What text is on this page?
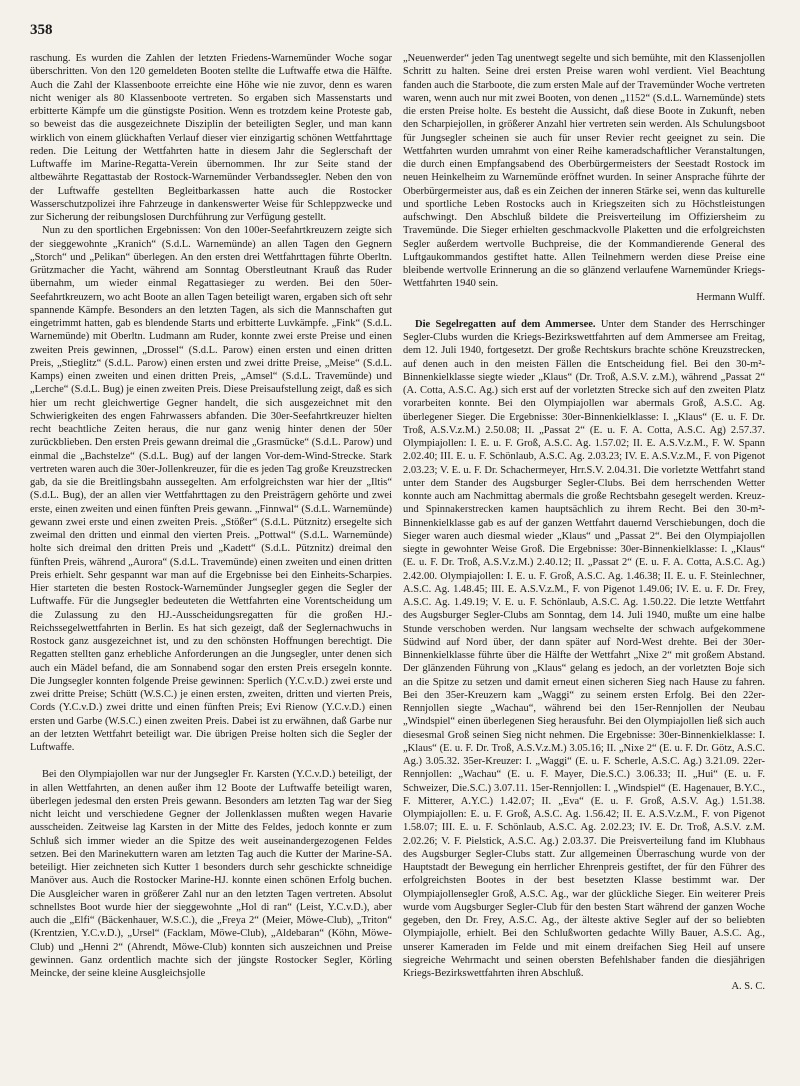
358

raschung. Es wurden die Zahlen der letzten Friedens-Warnemünder Woche sogar überschritten. Von den 120 gemeldeten Booten stellte die Luftwaffe etwa die Hälfte. Auch die Zahl der Klassenboote erreichte eine Höhe wie nie zuvor, denn es waren nicht weniger als 80 Klassenboote vertreten. So ergaben sich Massenstarts und erbitterte Kämpfe um die günstigste Position. Wenn es trotzdem keine Proteste gab, so beweist das die ausgezeichnete Disziplin der beteiligten Segler, und man kann wirklich von einem glückhaften Verlauf dieser vier einzigartig schönen Wettfahrttage reden. Die Leitung der Wettfahrten hatte in diesem Jahr die Seglerschaft der Luftwaffe im Marine-Regatta-Verein übernommen. Ihr zur Seite stand der altbewährte Regattastab der Rostock-Warnemünder Verbandssegler. Neben den von der Luftwaffe gestellten Begleitbarkassen hatte auch die Rostocker Wasserschutzpolizei ihre Fahrzeuge in dankenswerter Weise für Schleppzwecke und zur Sicherung der reibungslosen Durchführung zur Verfügung gestellt.

Nun zu den sportlichen Ergebnissen: Von den 100er-Seefahrtkreuzern zeigte sich der sieggewohnte „Kranich“ (S.d.L. Warnemünde) an allen Tagen den Gegnern „Storch“ und „Pelikan“ überlegen. An den ersten drei Wettfahrttagen führte Oberltn. Grützmacher die Yacht, während am Sonntag Oberstleutnant Krauß das Ruder übernahm, um wieder einmal Regattasieger zu werden. Bei den 50er-Seefahrtkreuzern, wo acht Boote an allen Tagen beteiligt waren, ergaben sich oft sehr spannende Kämpfe. Besonders an den letzten Tagen, als sich die Mannschaften gut eingetrimmt hatten, gab es blendende Starts und erbitterte Luvkämpfe. „Fink“ (S.d.L. Warnemünde) mit Oberltn. Ludmann am Ruder, konnte zwei erste Preise und einen zweiten Preis gewinnen, „Drossel“ (S.d.L. Parow) einen ersten und einen dritten Preis, „Stieglitz“ (S.d.L. Parow) einen ersten und zwei dritte Preise, „Meise“ (S.d.L. Kamps) einen zweiten und einen dritten Preis, „Amsel“ (S.d.L. Travemünde) und „Lerche“ (S.d.L. Bug) je einen zweiten Preis. Diese Preisaufstellung zeigt, daß es sich hier um recht gleichwertige Gegner handelt, die sich ausgezeichnet mit den Schwierigkeiten des engen Fahrwassers abfanden. Die 30er-Seefahrtkreuzer hielten recht beachtliche Zeiten heraus, die nur ganz wenig hinter denen der 50er zurückblieben. Den ersten Preis gewann dreimal die „Grasmücke“ (S.d.L. Parow) und einmal die „Bachstelze“ (S.d.L. Bug) auf der langen Vor-dem-Wind-Strecke. Stark vertreten waren auch die 30er-Jollenkreuzer, für die es jeden Tag große Kreuzstrecken gab, da sie die Breitlingsbahn aussegelten. Am erfolgreichsten war hier der „Iltis“ (S.d.L. Bug), der an allen vier Wettfahrttagen zu den Preisträgern gehörte und zwei erste, einen zweiten und einen fünften Preis gewann. „Finnwal“ (S.d.L. Warnemünde) gewann zwei erste und einen zweiten Preis. „Stößer“ (S.d.L. Pütznitz) ersegelte sich zweimal den dritten und einmal den vierten Preis. „Pottwal“ (S.d.L. Warnemünde) holte sich dreimal den dritten Preis und „Kadett“ (S.d.L. Pütznitz) dreimal den fünften Preis, während „Aurora“ (S.d.L. Travemünde) einen zweiten und einen dritten Preis erhielt. Sehr gespannt war man auf die Ergebnisse bei den Einheits-Scharpies. Hier starteten die besten Rostock-Warnemünder Jungsegler gegen die Segler der Luftwaffe. Für die Jungsegler bedeuteten die Wettfahrten eine Vorentscheidung um die Zulassung zu den HJ.-Ausscheidungsregatten für die großen HJ.-Reichssegelwettfahrten in Berlin. Es hat sich gezeigt, daß der Seglernachwuchs in Rostock ganz ausgezeichnet ist, und zu den schönsten Hoffnungen berechtigt. Die Regatten stellten ganz erhebliche Anforderungen an die Jungsegler, unter denen sich auch ein Mädel befand, die am Sonnabend sogar den ersten Preis ersegeln konnte. Die Jungsegler konnten folgende Preise gewinnen: Sperlich (Y.C.v.D.) zwei erste und zwei dritte Preise; Schütt (W.S.C.) je einen ersten, zweiten, dritten und vierten Preis, Cords (Y.C.v.D.) zwei dritte und einen fünften Preis; Evi Rienow (Y.C.v.D.) einen ersten und Garbe (W.S.C.) einen zweiten Preis. Dabei ist zu erwähnen, daß Garbe nur an der letzten Wettfahrt beteiligt war. Die übrigen Preise holten sich die Segler der Luftwaffe.

Bei den Olympiajollen war nur der Jungsegler Fr. Karsten (Y.C.v.D.) beteiligt, der in allen Wettfahrten, an denen außer ihm 12 Boote der Luftwaffe beteiligt waren, überlegen jedesmal den ersten Preis gewann. Besonders am letzten Tag war der Sieg nicht leicht und verschiedene Gegner der Jollenklassen mußten wegen Havarie ausscheiden. Zeitweise lag Karsten in der Mitte des Feldes, jedoch konnte er zum Schluß sich immer wieder an die Spitze des weit auseinandergezogenen Feldes setzen. Bei den Marinekuttern waren am letzten Tag auch die Kutter der Marine-SA. beteiligt. Hier zeichneten sich Kutter 1 besonders durch sehr geschickte schneidige Manöver aus. Auch die Rostocker Marine-HJ. konnte einen schönen Erfolg buchen. Die Ausgleicher waren in größerer Zahl nur an den letzten Tagen vertreten. Absolut schnellstes Boot wurde hier der sieggewohnte „Hol di ran“ (Leist, Y.C.v.D.), aber auch die „Elfi“ (Bäckenhauer, W.S.C.), die „Freya 2“ (Meier, Möwe-Club), „Triton“ (Krentzien, Y.C.v.D.), „Ursel“ (Facklam, Möwe-Club), „Aldebaran“ (Köhn, Möwe-Club) und „Henni 2“ (Ahrendt, Möwe-Club) konnten sich auszeichnen und Preise gewinnen. Ganz ordentlich machte sich der jüngste Rostocker Segler, Körling Meincke, der seine kleine Ausgleichsjolle

„Neuenwerder“ jeden Tag unentwegt segelte und sich bemühte, mit den Klassenjollen Schritt zu halten. Seine drei ersten Preise waren wohl verdient. Viel Beachtung fanden auch die Starboote, die zum ersten Male auf der Travemünder Woche vertreten waren, wenn auch nur mit zwei Booten, von denen „1152“ (S.d.L. Warnemünde) stets die ersten Preise holte. Es besteht die Aussicht, daß diese Boote in Zukunft, neben den Scharpiejollen, in größerer Anzahl hier vertreten sein werden. Als Schulungsboot für Jungsegler scheinen sie auch für unser Revier recht geeignet zu sein. Die Wettfahrten wurden umrahmt von einer Reihe kameradschaftlicher Veranstaltungen, die durch einen Empfangsabend des Oberbürgermeisters der Seestadt Rostock im neuen Heinkelheim zu Warnemünde eröffnet wurden. In seiner Ansprache führte der Oberbürgermeister aus, daß es ein Zeichen der inneren Stärke sei, wenn das kulturelle und sportliche Leben Rostocks auch in Kriegszeiten sich zu Höchstleistungen aufschwingt. Den Abschluß bildete die Preisverteilung im Offiziersheim zu Travemünde. Die Sieger erhielten geschmackvolle Plaketten und die erfolgreichsten Segler außerdem wertvolle Buchpreise, die der Kommandierende General des Luftgaukommandos gestiftet hatte. Allen Teilnehmern werden diese Preise eine bleibende wertvolle Erinnerung an die so glänzend verlaufene Warnemünder Kriegs-Wettfahrten 1940 sein.

Hermann Wulff.

Die Segelregatten auf dem Ammersee. Unter dem Stander des Herrschinger Segler-Clubs wurden die Kriegs-Bezirkswettfahrten auf dem Ammersee am Freitag, dem 12. Juli 1940, fortgesetzt. Der große Rechtskurs brachte schöne Kreuzstrecken, auf denen auch in den meisten Fällen die Entscheidung fiel. Bei den 30-m²-Binnenkielklasse siegte wieder „Klaus“ (Dr. Troß, A.S.V. z.M.), während „Passat 2“ (A. Cotta, A.S.C. Ag.) sich erst auf der vorletzten Strecke sich auf den zweiten Platz vorarbeiten konnte. Bei den Olympiajollen war abermals Groß, A.S.C. Ag. überlegener Sieger. Die Ergebnisse: 30er-Binnenkielklasse: I. „Klaus“ (E. u. F. Dr. Troß, A.S.V.z.M.) 2.50.08; II. „Passat 2“ (E. u. F. A. Cotta, A.S.C. Ag) 2.57.37. Olympiajollen: I. E. u. F. Groß, A.S.C. Ag. 1.57.02; II. E. A.S.V.z.M., F. W. Spann 2.02.40; III. E. u. F. Schönlaub, A.S.C. Ag. 2.03.23; IV. E. A.S.V.z.M., F. von Pigenot 2.03.23; V. E. u. F. Dr. Schachermeyer, Hrr.S.V. 2.04.31. Die vorletzte Wettfahrt stand unter dem Stander des Augsburger Segler-Clubs. Bei dem herrschenden Wetter konnte auch am Nachmittag abermals die große Rechtsbahn gesegelt werden. Kreuz- und Spinnakerstrecken kamen hauptsächlich zu ihrem Recht. Bei den 30-m²-Binnenkielklasse gab es auf der ganzen Wettfahrt dauernd Verschiebungen, doch die Sieger waren auch diesmal wieder „Klaus“ und „Passat 2“. Bei den Olympiajollen siegte in gewohnter Weise Groß. Die Ergebnisse: 30er-Binnenkielklasse: I. „Klaus“ (E. u. F. Dr. Troß, A.S.V.z.M.) 2.40.12; II. „Passat 2“ (E. u. F. A. Cotta, A.S.C. Ag.) 2.42.00. Olympiajollen: I. E. u. F. Groß, A.S.C. Ag. 1.46.38; II. E. u. F. Steinlechner, A.S.C. Ag. 1.48.45; III. E. A.S.V.z.M., F. von Pigenot 1.49.06; IV. E. u. F. Dr. Frey, A.S.C. Ag. 1.49.19; V. E. u. F. Schönlaub, A.S.C. Ag. 1.50.22. Die letzte Wettfahrt des Augsburger Segler-Clubs am Sonntag, dem 14. Juli 1940, mußte um eine halbe Stunde verschoben werden. Nur langsam wechselte der schwach aufgekommene Südwind auf Nord über, der dann später auf Nord-West drehte. Bei der 30er-Binnenkielklasse führte über die Hälfte der Wettfahrt „Nixe 2“ mit großem Abstand. Der glänzenden Führung von „Klaus“ gelang es jedoch, an der vorletzten Boje sich an die Spitze zu setzen und damit erneut einen sicheren Sieg nach Hause zu fahren. Bei den 35er-Kreuzern kam „Waggi“ zu seinem ersten Erfolg. Bei den 22er-Rennjollen siegte „Wachau“, während bei den 15er-Rennjollen der Neubau „Windspiel“ einen überlegenen Sieg herausfuhr. Bei den Olympiajollen ließ sich auch diesesmal Groß seinen Sieg nicht nehmen. Die Ergebnisse: 30er-Binnenkielklasse: I. „Klaus“ (E. u. F. Dr. Troß, A.S.V.z.M.) 3.05.16; II. „Nixe 2“ (E. u. F. Dr. Götz, A.S.C. Ag.) 3.05.32. 35er-Kreuzer: I. „Waggi“ (E. u. F. Scherle, A.S.C. Ag.) 3.21.09. 22er-Rennjollen: „Wachau“ (E. u. F. Mayer, Die.S.C.) 3.06.33; II. „Hui“ (E. u. F. Schweizer, Die.S.C.) 3.07.11. 15er-Rennjollen: I. „Windspiel“ (E. Hagenauer, B.Y.C., F. Mitterer, A.Y.C.) 1.42.07; II. „Eva“ (E. u. F. Groß, A.S.V. Ag.) 1.51.38. Olympiajollen: E. u. F. Groß, A.S.C. Ag. 1.56.42; II. E. A.S.V.z.M., F. von Pigenot 1.58.07; III. E. u. F. Schönlaub, A.S.C. Ag. 2.02.23; IV. E. Dr. Troß, A.S.V. z.M. 2.02.26; V. F. Pielstick, A.S.C. Ag.) 2.03.37. Die Preisverteilung fand im Klubhaus des Augsburger Segler-Clubs statt. Zur allgemeinen Überraschung wurde von der Hauptstadt der Bewegung ein herrlicher Ehrenpreis gestiftet, der für den Führer des erfolgreichsten Bootes in der best besetzten Klasse bestimmt war. Der Olympiajollensegler Groß, A.S.C. Ag., war der glückliche Sieger. Ein weiterer Preis wurde vom Augsburger Segler-Club für den besten Start während der ganzen Woche gegeben, den Dr. Frey, A.S.C. Ag., der älteste aktive Segler auf der so beliebten Olympiajolle, erhielt. Bei den Schlußworten gedachte Willy Bauer, A.S.C. Ag., unserer Kameraden im Felde und mit einem dreifachen Sieg Heil auf unsere siegreiche Wehrmacht und seinen obersten Befehlshaber fanden die diesjährigen Kriegs-Bezirkswettfahrten ihren Abschluß.

A. S. C.
